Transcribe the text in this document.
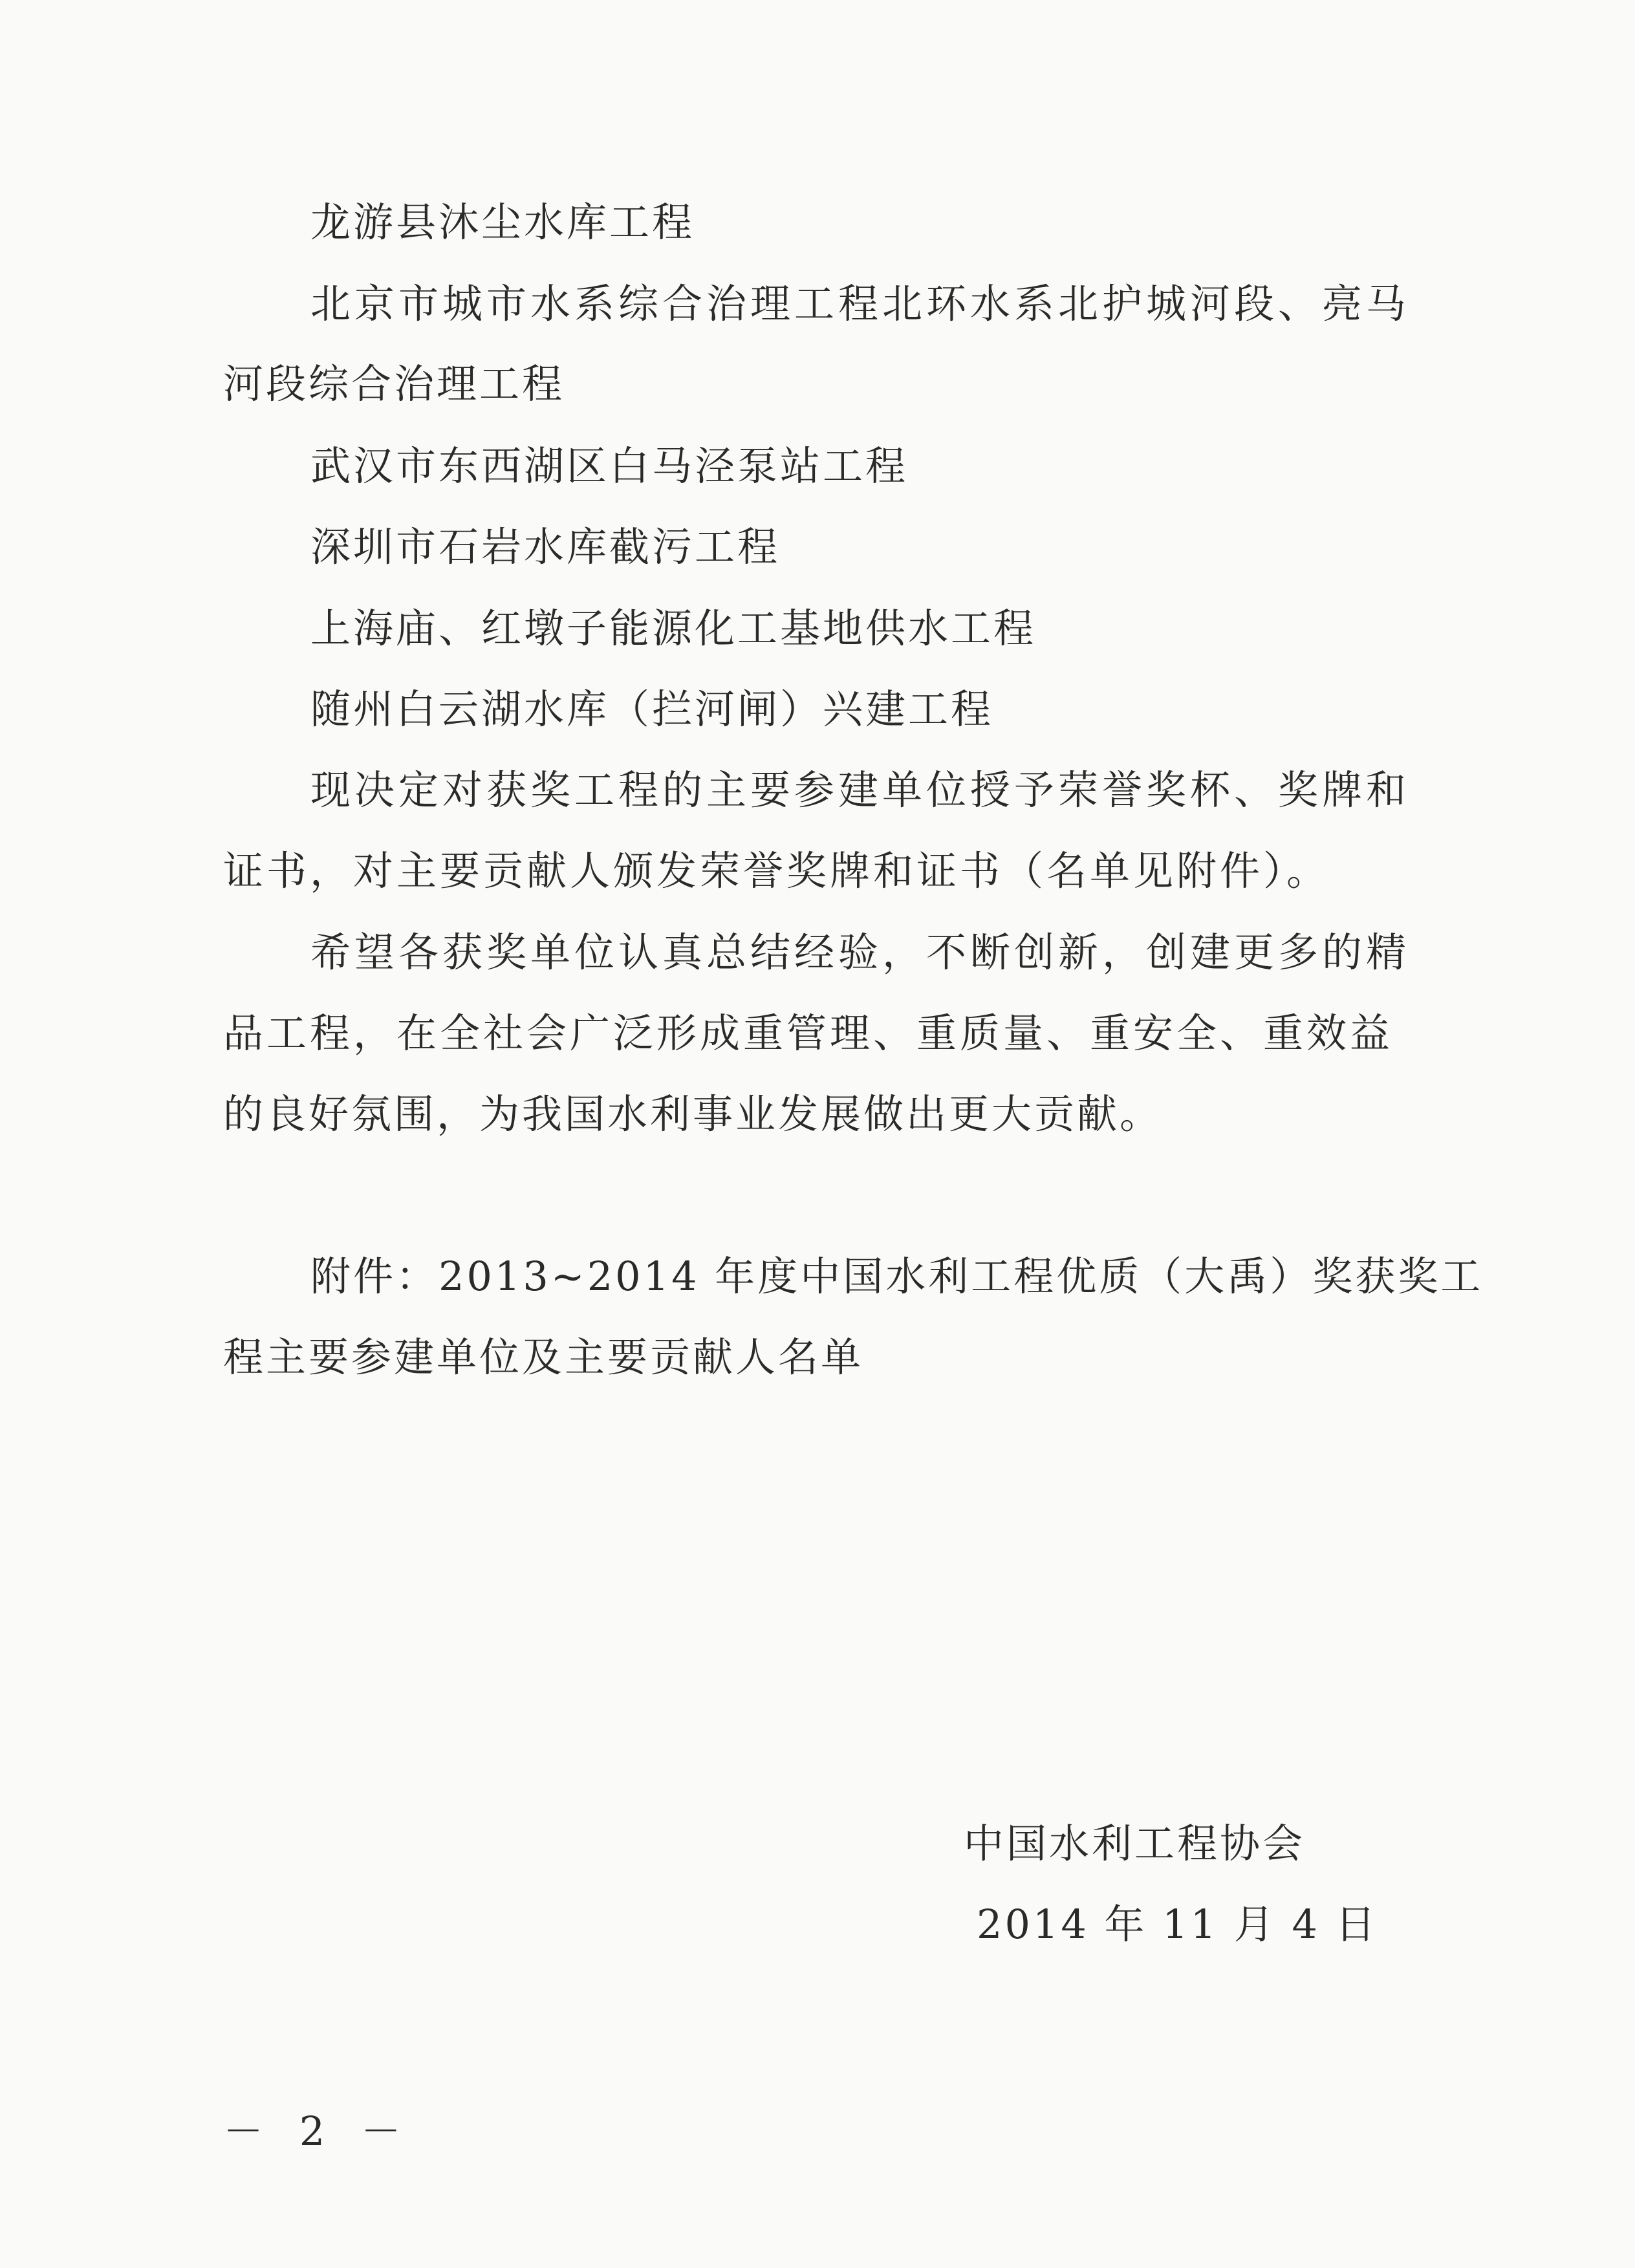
龙游县沐尘水库工程
北京市城市水系综合治理工程北环水系北护城河段、亮马
河段综合治理工程
武汉市东西湖区白马泾泵站工程
深圳市石岩水库截污工程
上海庙、红墩子能源化工基地供水工程
随州白云湖水库（拦河闸）兴建工程
现决定对获奖工程的主要参建单位授予荣誉奖杯、奖牌和
证书，对主要贡献人颁发荣誉奖牌和证书（名单见附件）。
希望各获奖单位认真总结经验，不断创新，创建更多的精
品工程，在全社会广泛形成重管理、重质量、重安全、重效益
的良好氛围，为我国水利事业发展做出更大贡献。
附件：2013~2014 年度中国水利工程优质（大禹）奖获奖工
程主要参建单位及主要贡献人名单
中国水利工程协会
2014 年 11 月 4 日
－ 2 －
